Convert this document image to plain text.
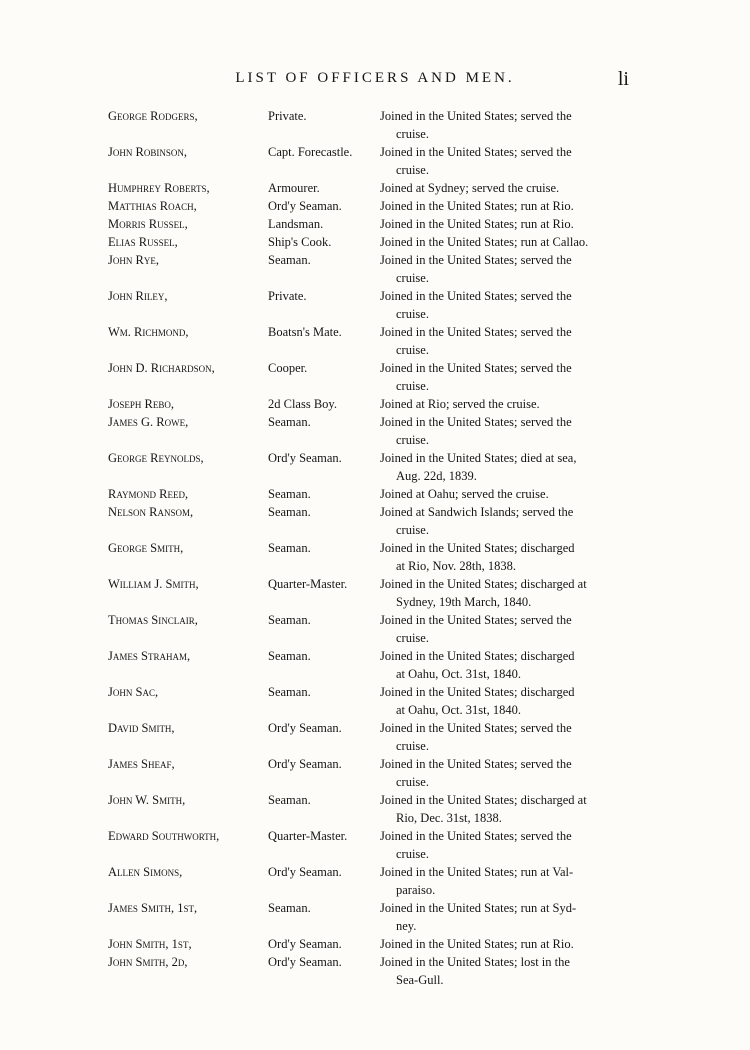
LIST OF OFFICERS AND MEN.	li
George Rodgers,	Private.	Joined in the United States; served the
cruise.
John Robinson,	Capt. Forecastle.	Joined in the United States; served the
cruise.
Humphrey Roberts,	Armourer.	Joined at Sydney; served the cruise.
Matthias Roach,	Ord'y Seaman.	Joined in the United States; run at Rio.
Morris Russel,	Landsman.	Joined in the United States; run at Rio.
Elias Russel,	Ship's Cook.	Joined in the United States; run at Callao.
John Rye,	Seaman.	Joined in the United States; served the
cruise.
John Riley,	Private.	Joined in the United States; served the
cruise.
Wm. Richmond,	Boatsn's Mate.	Joined in the United States; served the
cruise.
John D. Richardson,	Cooper.	Joined in the United States; served the
cruise.
Joseph Rebo,	2d Class Boy.	Joined at Rio; served the cruise.
James G. Rowe,	Seaman.	Joined in the United States; served the
cruise.
George Reynolds,	Ord'y Seaman.	Joined in the United States; died at sea,
Aug. 22d, 1839.
Raymond Reed,	Seaman.	Joined at Oahu; served the cruise.
Nelson Ransom,	Seaman.	Joined at Sandwich Islands; served the
cruise.
George Smith,	Seaman.	Joined in the United States; discharged
at Rio, Nov. 28th, 1838.
William J. Smith,	Quarter-Master.	Joined in the United States; discharged at
Sydney, 19th March, 1840.
Thomas Sinclair,	Seaman.	Joined in the United States; served the
cruise.
James Straham,	Seaman.	Joined in the United States; discharged
at Oahu, Oct. 31st, 1840.
John Sac,	Seaman.	Joined in the United States; discharged
at Oahu, Oct. 31st, 1840.
David Smith,	Ord'y Seaman.	Joined in the United States; served the
cruise.
James Sheaf,	Ord'y Seaman.	Joined in the United States; served the
cruise.
John W. Smith,	Seaman.	Joined in the United States; discharged at
Rio, Dec. 31st, 1838.
Edward Southworth,	Quarter-Master.	Joined in the United States; served the
cruise.
Allen Simons,	Ord'y Seaman.	Joined in the United States; run at Val-
paraiso.
James Smith, 1st,	Seaman.	Joined in the United States; run at Syd-
ney.
John Smith, 1st,	Ord'y Seaman.	Joined in the United States; run at Rio.
John Smith, 2d,	Ord'y Seaman.	Joined in the United States; lost in the
Sea-Gull.
